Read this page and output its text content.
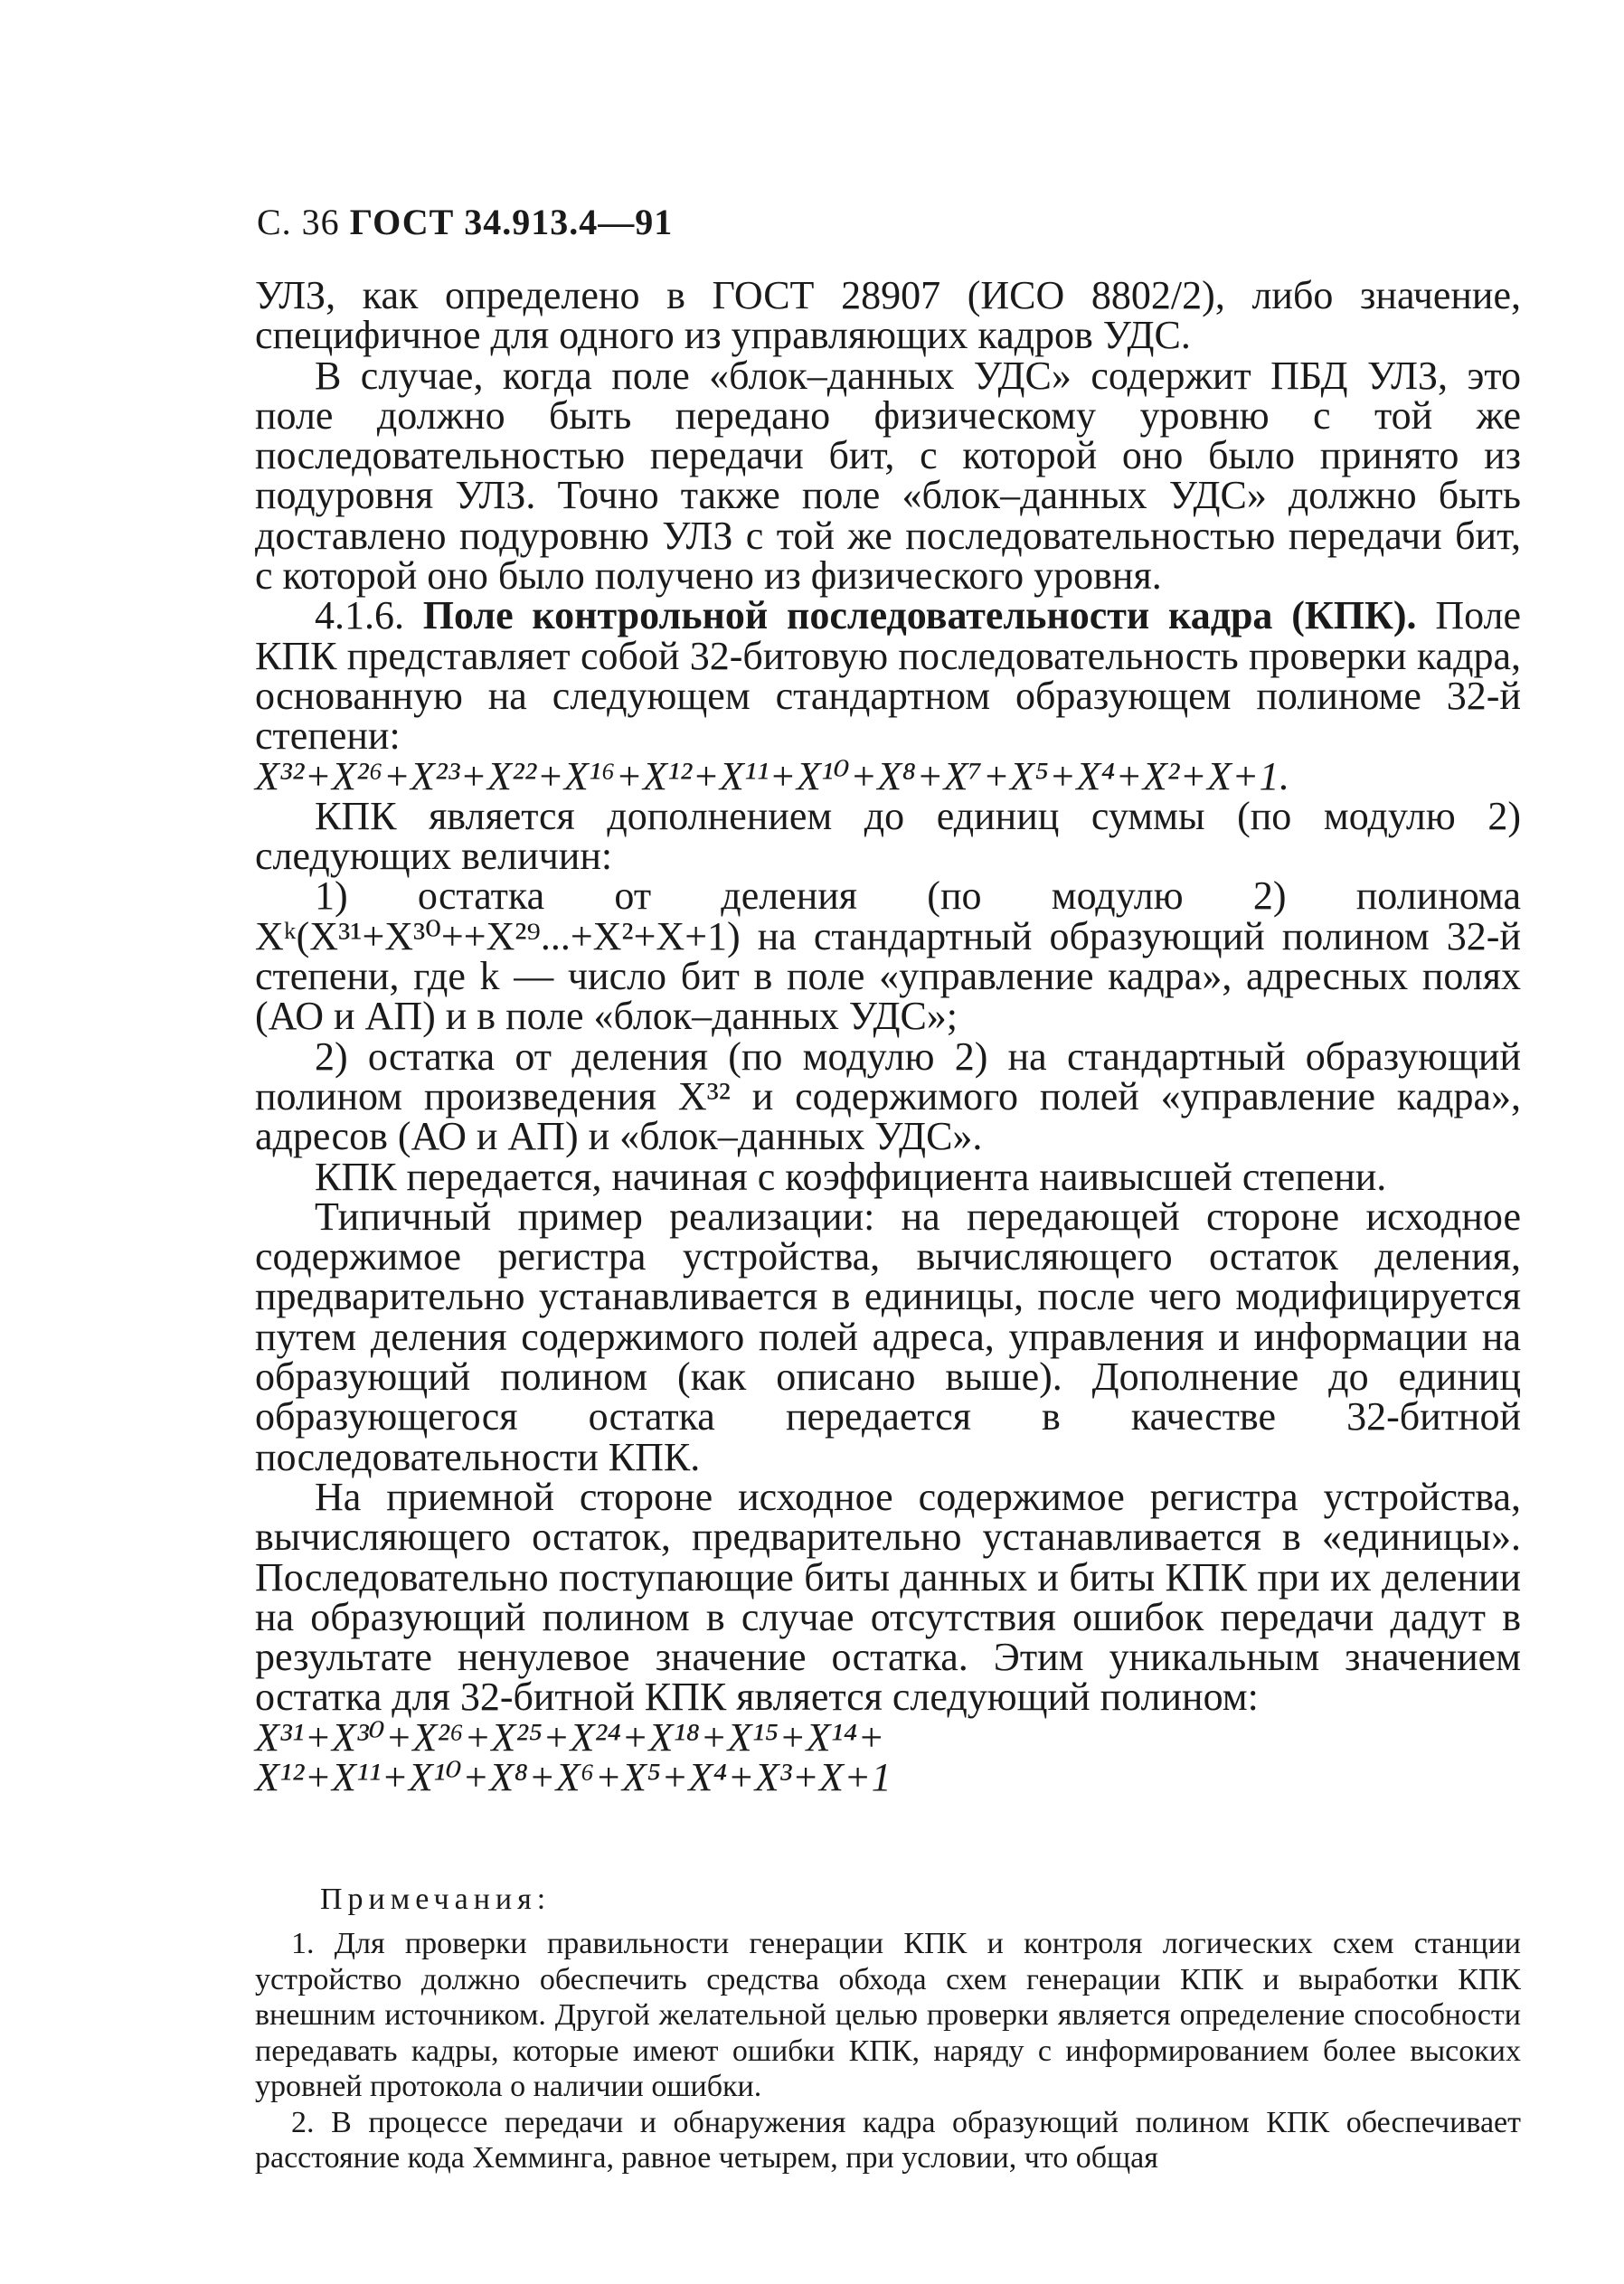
С. 36 ГОСТ 34.913.4—91

УЛЗ, как определено в ГОСТ 28907 (ИСО 8802/2), либо значение, специфичное для одного из управляющих кадров УДС.

В случае, когда поле «блок–данных УДС» содержит ПБД УЛЗ, это поле должно быть передано физическому уровню с той же последовательностью передачи бит, с которой оно было принято из подуровня УЛЗ. Точно также поле «блок–данных УДС» должно быть доставлено подуровню УЛЗ с той же последовательностью передачи бит, с которой оно было получено из физического уровня.

4.1.6. Поле контрольной последовательности кадра (КПК). Поле КПК представляет собой 32-битовую последовательность проверки кадра, основанную на следующем стандартном образующем полиноме 32-й степени:

X³²+X²⁶+X²³+X²²+X¹⁶+X¹²+X¹¹+X¹⁰+X⁸+X⁷+X⁵+X⁴+X²+X+1.

КПК является дополнением до единиц суммы (по модулю 2) следующих величин:

1) остатка от деления (по модулю 2) полинома Xᵏ(X³¹+X³⁰++X²⁹...+X²+X+1) на стандартный образующий полином 32-й степени, где k — число бит в поле «управление кадра», адресных полях (АО и АП) и в поле «блок–данных УДС»;

2) остатка от деления (по модулю 2) на стандартный образующий полином произведения X³² и содержимого полей «управление кадра», адресов (АО и АП) и «блок–данных УДС».

КПК передается, начиная с коэффициента наивысшей степени.

Типичный пример реализации: на передающей стороне исходное содержимое регистра устройства, вычисляющего остаток деления, предварительно устанавливается в единицы, после чего модифицируется путем деления содержимого полей адреса, управления и информации на образующий полином (как описано выше). Дополнение до единиц образующегося остатка передается в качестве 32-битной последовательности КПК.

На приемной стороне исходное содержимое регистра устройства, вычисляющего остаток, предварительно устанавливается в «единицы». Последовательно поступающие биты данных и биты КПК при их делении на образующий полином в случае отсутствия ошибок передачи дадут в результате ненулевое значение остатка. Этим уникальным значением остатка для 32-битной КПК является следующий полином:

X³¹+X³⁰+X²⁶+X²⁵+X²⁴+X¹⁸+X¹⁵+X¹⁴+

X¹²+X¹¹+X¹⁰+X⁸+X⁶+X⁵+X⁴+X³+X+1

Примечания:

1. Для проверки правильности генерации КПК и контроля логических схем станции устройство должно обеспечить средства обхода схем генерации КПК и выработки КПК внешним источником. Другой желательной целью проверки является определение способности передавать кадры, которые имеют ошибки КПК, наряду с информированием более высоких уровней протокола о наличии ошибки.

2. В процессе передачи и обнаружения кадра образующий полином КПК обеспечивает расстояние кода Хемминга, равное четырем, при условии, что общая
